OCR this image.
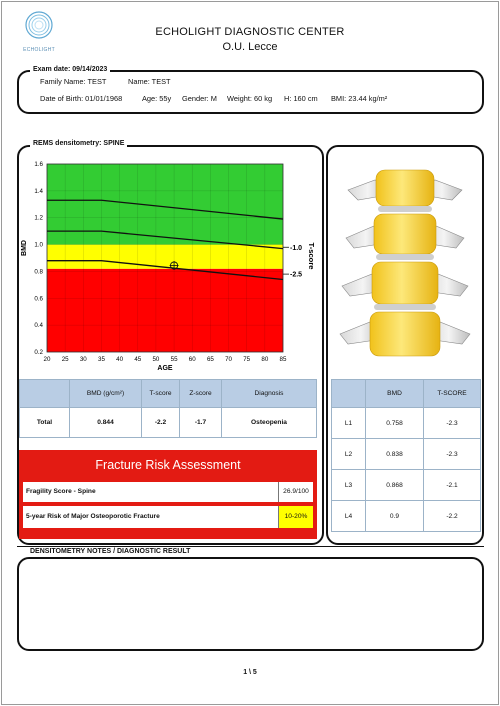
ECHOLIGHT
ECHOLIGHT DIAGNOSTIC CENTER
O.U. Lecce
Exam date: 09/14/2023
Family Name: TEST	Name: TEST
Date of Birth: 01/01/1968	Age: 55y Gender: M Weight: 60 kg H: 160 cm BMI: 23.44 kg/m²
REMS densitometry: SPINE
20 25 30 35 40 45 50 55 60 65 70 75 80 85
0.2
0.4
0.6
0.8
1.0
1.2
1.4
1.6
AGE
BMD	T-score
-1.0
-2.5
	BMD (g/cm²)	T-score	Z-score	Diagnosis
Total	0.844	-2.2	-1.7	Osteopenia
Fracture Risk Assessment
Fragility Score - Spine	26.9/100
5-year Risk of Major Osteoporotic Fracture	10-20%
	BMD	T-SCORE
L1	0.758	-2.3
L2	0.838	-2.3
L3	0.868	-2.1
L4	0.9	-2.2
DENSITOMETRY NOTES / DIAGNOSTIC RESULT
1 \ 5
